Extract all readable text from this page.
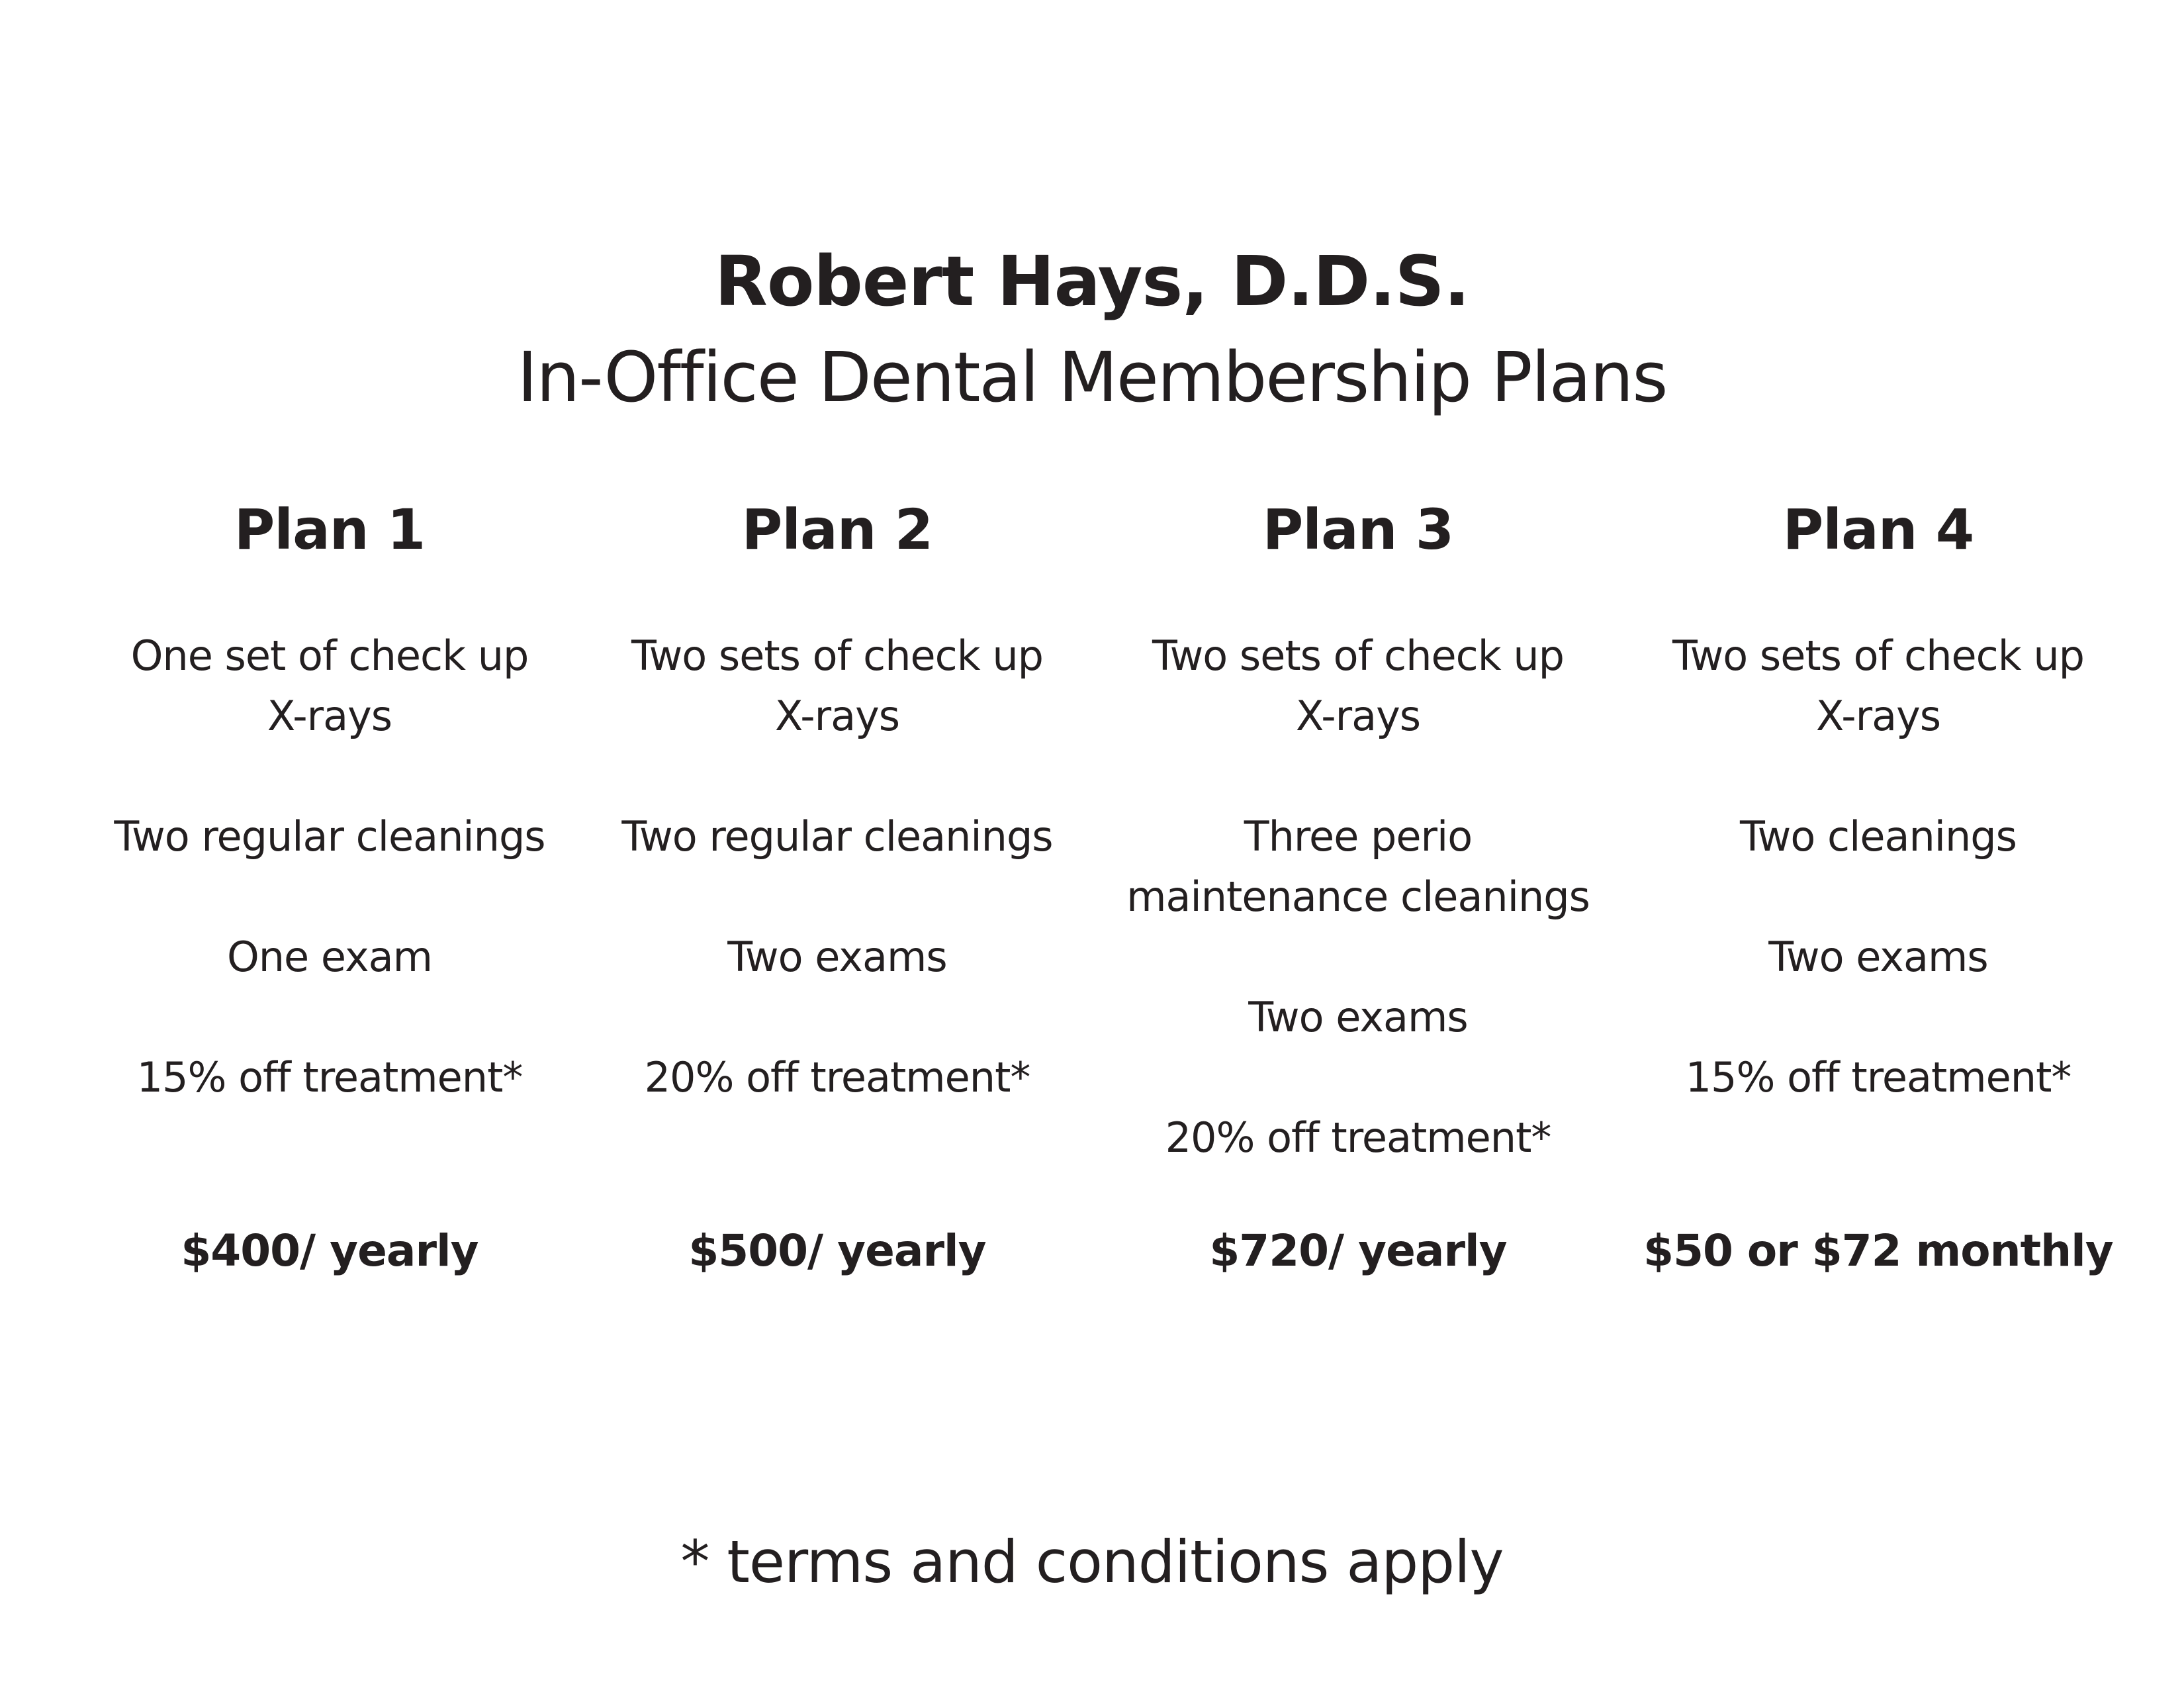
Robert Hays, D.D.S.
In-Office Dental Membership Plans
Plan 1

One set of check up
X-rays

Two regular cleanings

One exam

15% off treatment*

$400/ yearly
Plan 2

Two sets of check up
X-rays

Two regular cleanings

Two exams

20% off treatment*

$500/ yearly
Plan 3

Two sets of check up
X-rays

Three perio
maintenance cleanings

Two exams

20% off treatment*

$720/ yearly
Plan 4

Two sets of check up
X-rays

Two cleanings

Two exams

15% off treatment*

$50 or $72 monthly

* terms and conditions apply
